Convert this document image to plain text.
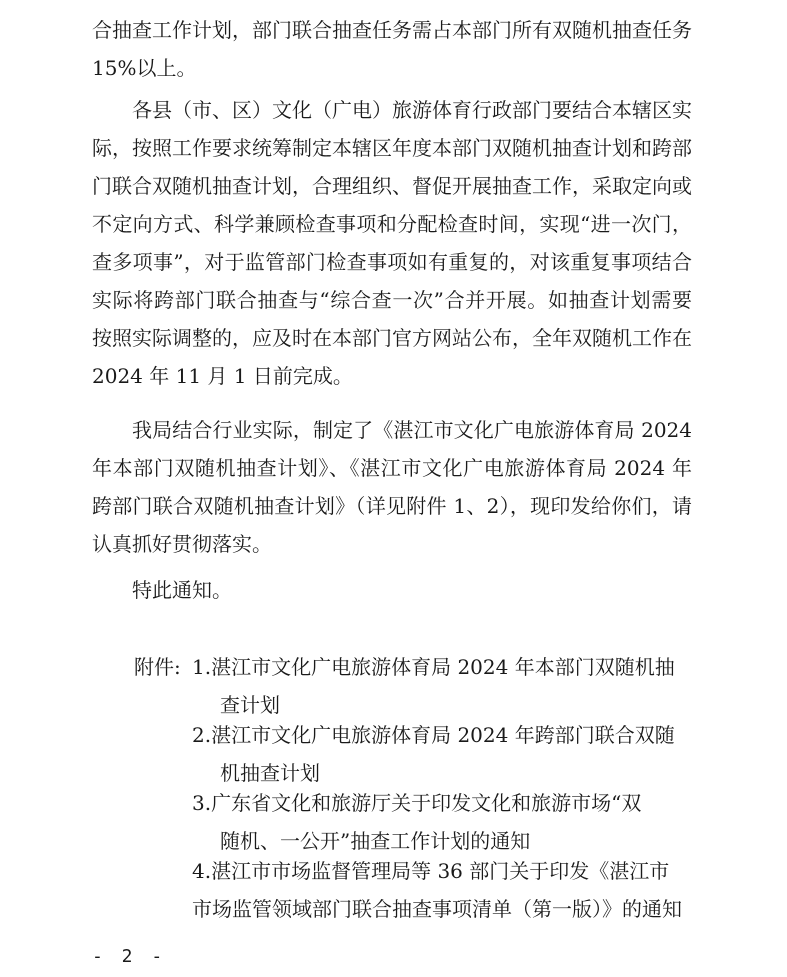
合抽查工作计划，部门联合抽查任务需占本部门所有双随机抽查任务 15%以上。

各县（市、区）文化（广电）旅游体育行政部门要结合本辖区实际，按照工作要求统筹制定本辖区年度本部门双随机抽查计划和跨部门联合双随机抽查计划，合理组织、督促开展抽查工作，采取定向或不定向方式、科学兼顾检查事项和分配检查时间，实现“进一次门，查多项事”，对于监管部门检查事项如有重复的，对该重复事项结合实际将跨部门联合抽查与“综合查一次”合并开展。如抽查计划需要按照实际调整的，应及时在本部门官方网站公布，全年双随机工作在 2024 年 11 月 1 日前完成。

我局结合行业实际，制定了《湛江市文化广电旅游体育局 2024年本部门双随机抽查计划》、《湛江市文化广电旅游体育局 2024 年跨部门联合双随机抽查计划》（详见附件 1、2），现印发给你们，请认真抓好贯彻落实。

特此通知。

附件: 1.湛江市文化广电旅游体育局 2024 年本部门双随机抽
查计划
2.湛江市文化广电旅游体育局 2024 年跨部门联合双随
机抽查计划
3.广东省文化和旅游厅关于印发文化和旅游市场“双
随机、一公开”抽查工作计划的通知
4.湛江市市场监督管理局等 36 部门关于印发《湛江市
市场监管领域部门联合抽查事项清单（第一版）》的通知
- 2 -
